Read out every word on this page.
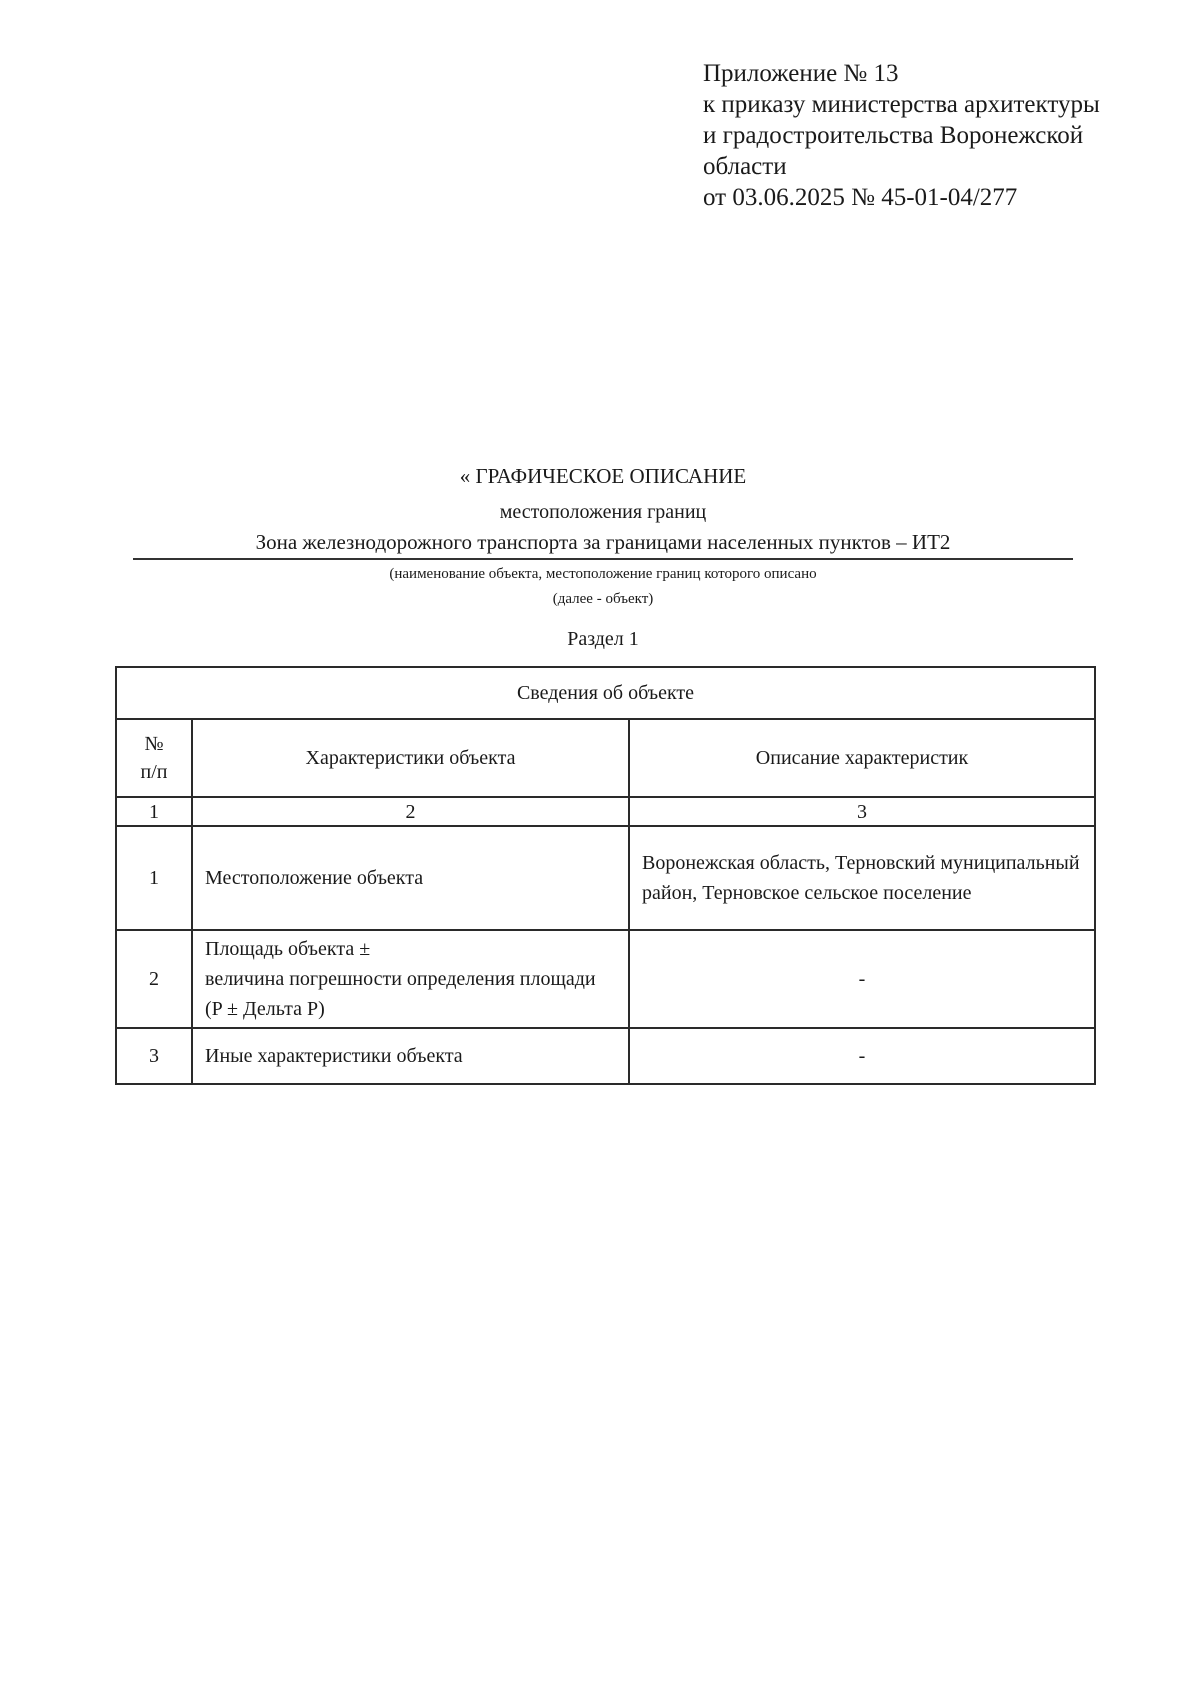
Приложение № 13
к приказу министерства архитектуры
и градостроительства Воронежской
области
от 03.06.2025 № 45-01-04/277
« ГРАФИЧЕСКОЕ ОПИСАНИЕ
местоположения границ
Зона железнодорожного транспорта за границами населенных пунктов – ИТ2
(наименование объекта, местоположение границ которого описано
(далее - объект)
Раздел 1
Сведения об объекте		

№
п/п	Характеристики объекта	Описание характеристик
1	2	3
1	Местоположение объекта	Воронежская область, Терновский муниципальный район, Терновское сельское поселение
2	Площадь объекта ±
величина погрешности определения площади (P ± Дельта P)	-
3	Иные характеристики объекта	-
